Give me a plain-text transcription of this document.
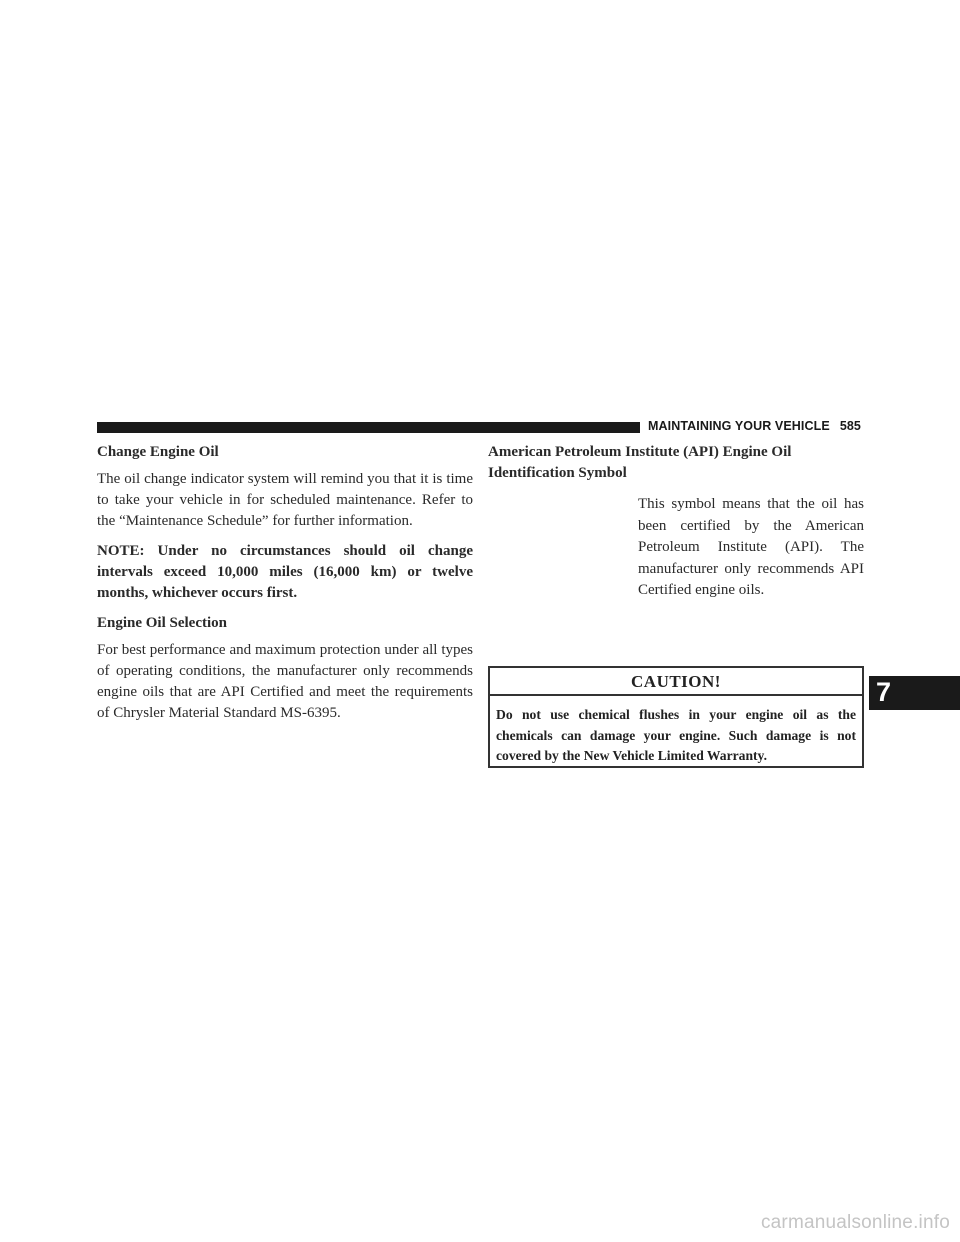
MAINTAINING YOUR VEHICLE 585
Change Engine Oil

The oil change indicator system will remind you that it is time to take your vehicle in for scheduled maintenance. Refer to the “Maintenance Schedule” for further information.

NOTE: Under no circumstances should oil change intervals exceed 10,000 miles (16,000 km) or twelve months, whichever occurs first.

Engine Oil Selection

For best performance and maximum protection under all types of operating conditions, the manufacturer only recommends engine oils that are API Certified and meet the requirements of Chrysler Material Standard MS-6395.

American Petroleum Institute (API) Engine Oil Identification Symbol

This symbol means that the oil has been certified by the American Petroleum Institute (API). The manufacturer only recommends API Certified engine oils.

CAUTION!
Do not use chemical flushes in your engine oil as the chemicals can damage your engine. Such damage is not covered by the New Vehicle Limited Warranty.
7
carmanualsonline.info
